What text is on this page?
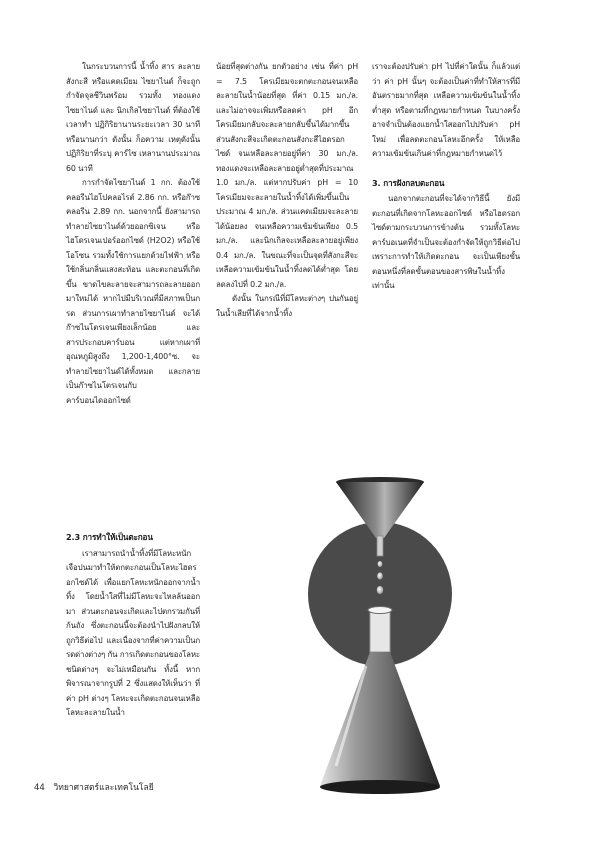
ในกระบวนการนี้ น้ำทิ้ง สาร ละลายสังกะสี หรือแคดเมียม ไซยาไนด์ ก็จะถูกกำจัดจุลชีวินพร้อม รวมทั้ง ทองแดงไซยาไนด์ และ นิกเกิลไซยาไนด์ ที่ต้องใช้เวลาทำ ปฏิกิริยานานระยะเวลา 30 นาที หรือนานกว่า ดังนั้น ก็อความ เหตุดังนั้น ปฏิกิริยาที่ระบุ คาร์ไซ เหลานานประมาณ 60 นาที

การกำจัดไซยาไนด์ 1 กก. ต้องใช้คลอรีนไฮโปคลอไรต์ 2.86 กก. หรือก๊าซคลอรีน 2.89 กก. นอกจากนี้ ยังสามารถทำลายไซยาไนด์ด้วยออกซิเจน หรือไฮโดรเจนเปอร์ออกไซด์ (H2O2) หรือใช้โอโซน รวมทั้งใช้การแยกด้วยไฟฟ้า หรือใช้กลิ่นกลิ่นแสงสะท้อน และตะกอนที่เกิดขึ้น ขาดไขละลายจะสามารถละลายออกมาใหม่ได้ หากไปมีบริเวณที่มีสภาพเป็นกรด ส่วนการเผาทำลายไซยาไนด์ จะได้ก๊าซไนโตรเจนเพียงเล็กน้อย และสารประกอบคาร์บอน แต่หากเผาที่อุณหภูมิสูงถึง 1,200-1,400°ซ. จะทำลายไซยาไนด์ได้ทั้งหมด และกลายเป็นก๊าซไนโตรเจนกับคาร์บอนไดออกไซด์

2.3 การทำให้เป็นตะกอน

เราสามารถนำน้ำทิ้งที่มีโลหะหนักเจือปนมาทำให้ตกตะกอนเป็นโลหะไฮดรอกไซด์ได้ เพื่อแยกโลหะหนักออกจากน้ำทิ้ง โดยน้ำใสที่ไม่มีโลหะจะไหลล้นออกมา ส่วนตะกอนจะเกิดและไปตกรวมกันที่ก้นถัง ซึ่งตะกอนนี้จะต้องนำไปฝังกลบให้ถูกวิธีต่อไป และเนื่องจากที่ค่าความเป็นกรดด่างต่างๆ กัน การเกิดตะกอนของโลหะชนิดต่างๆ จะไม่เหมือนกัน ทั้งนี้ หากพิจารณาจากรูปที่ 2 ซึ่งแสดงให้เห็นว่า ที่ค่า pH ต่างๆ โลหะจะเกิดตะกอนจนเหลือโลหะละลายในน้ำ

น้อยที่สุดต่างกัน ยกตัวอย่าง เช่น ที่ค่า pH = 7.5 โครเมียมจะตกตะกอนจนเหลือละลายในน้ำน้อยที่สุด ที่ค่า 0.15 มก./ล. และไม่อาจจะเพิ่มหรือลดค่า pH อีก โครเมียมกลับจะละลายกลับขึ้นได้มากขึ้น ส่วนสังกะสีจะเกิดตะกอนสังกะสีไฮดรอกไซด์ จนเหลือละลายอยู่ที่ค่า 30 มก./ล. ทองแดงจะเหลือละลายอยู่ต่ำสุดที่ประมาณ 1.0 มก./ล. แต่หากปรับค่า pH = 10 โครเมียมจะละลายในน้ำทิ้งได้เพิ่มขึ้นเป็นประมาณ 4 มก./ล. ส่วนแคดเมียมจะละลายได้น้อยลง จนเหลือความเข้มข้นเพียง 0.5 มก./ล. และนิกเกิลจะเหลือละลายอยู่เพียง 0.4 มก./ล. ในขณะที่จะเป็นจุดที่สังกะสีจะเหลือความเข้มข้นในน้ำทิ้งลดได้ต่ำสุด โดยลดลงไปที่ 0.2 มก./ล.

ดังนั้น ในกรณีที่มีโลหะต่างๆ ปนกันอยู่ในน้ำเสียที่ได้จากน้ำทิ้ง

เราจะต้องปรับค่า pH ไปที่ค่าใดนั้น ก็แล้วแต่ว่า ค่า pH นั้นๆ จะต้องเป็นค่าที่ทำให้สารที่มีอันตรายมากที่สุด เหลือความเข้มข้นในน้ำทิ้งต่ำสุด หรือตามที่กฎหมายกำหนด ในบางครั้ง อาจจำเป็นต้องแยกน้ำใสออกไปปรับค่า pH ใหม่ เพื่อลดตะกอนโลหะอีกครั้ง ให้เหลือความเข้มข้นเกินค่าที่กฎหมายกำหนดไว้

3. การฝังกลบตะกอน

นอกจากตะกอนที่จะได้จากวิธีนี้ ยังมีตะกอนที่เกิดจากโลหะออกไซด์ หรือไฮดรอกไซด์ตามกระบวนการข้างต้น รวมทั้งโลหะคาร์บอเนตที่จำเป็นจะต้องกำจัดให้ถูกวิธีต่อไป เพราะการทำให้เกิดตะกอน จะเป็นเพียงขั้นตอนหนึ่งที่ลดขั้นตอนของสารพิษในน้ำทิ้งเท่านั้น

44 วิทยาศาสตร์และเทคโนโลยี
